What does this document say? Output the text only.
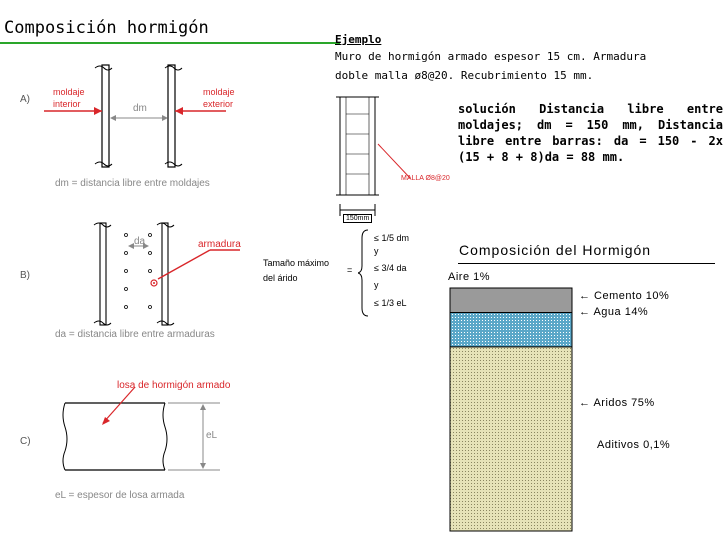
Composición hormigón
Ejemplo
Muro de hormigón armado espesor 15 cm. Armadura
doble malla ø8@20. Recubrimiento 15 mm.
MALLA Ø8@20
150mm
solución Distancia libre entre moldajes; dm = 150 mm, Distancia libre entre barras: da = 150 - 2x (15 + 8 + 8)da = 88 mm.
A)
moldaje
interior
moldaje
exterior
dm
dm = distancia libre entre moldajes
B)
da	armadura
da = distancia libre entre armaduras
C)
losa de hormigón armado
eL
eL = espesor de losa armada
Tamaño máximo
del árido
=
≤ 1/5 dm
y
≤ 3/4 da
y
≤ 1/3 eL
Composición del Hormigón
Aire 1%
← Cemento 10%
← Agua 14%
← Aridos 75%
Aditivos 0,1%
